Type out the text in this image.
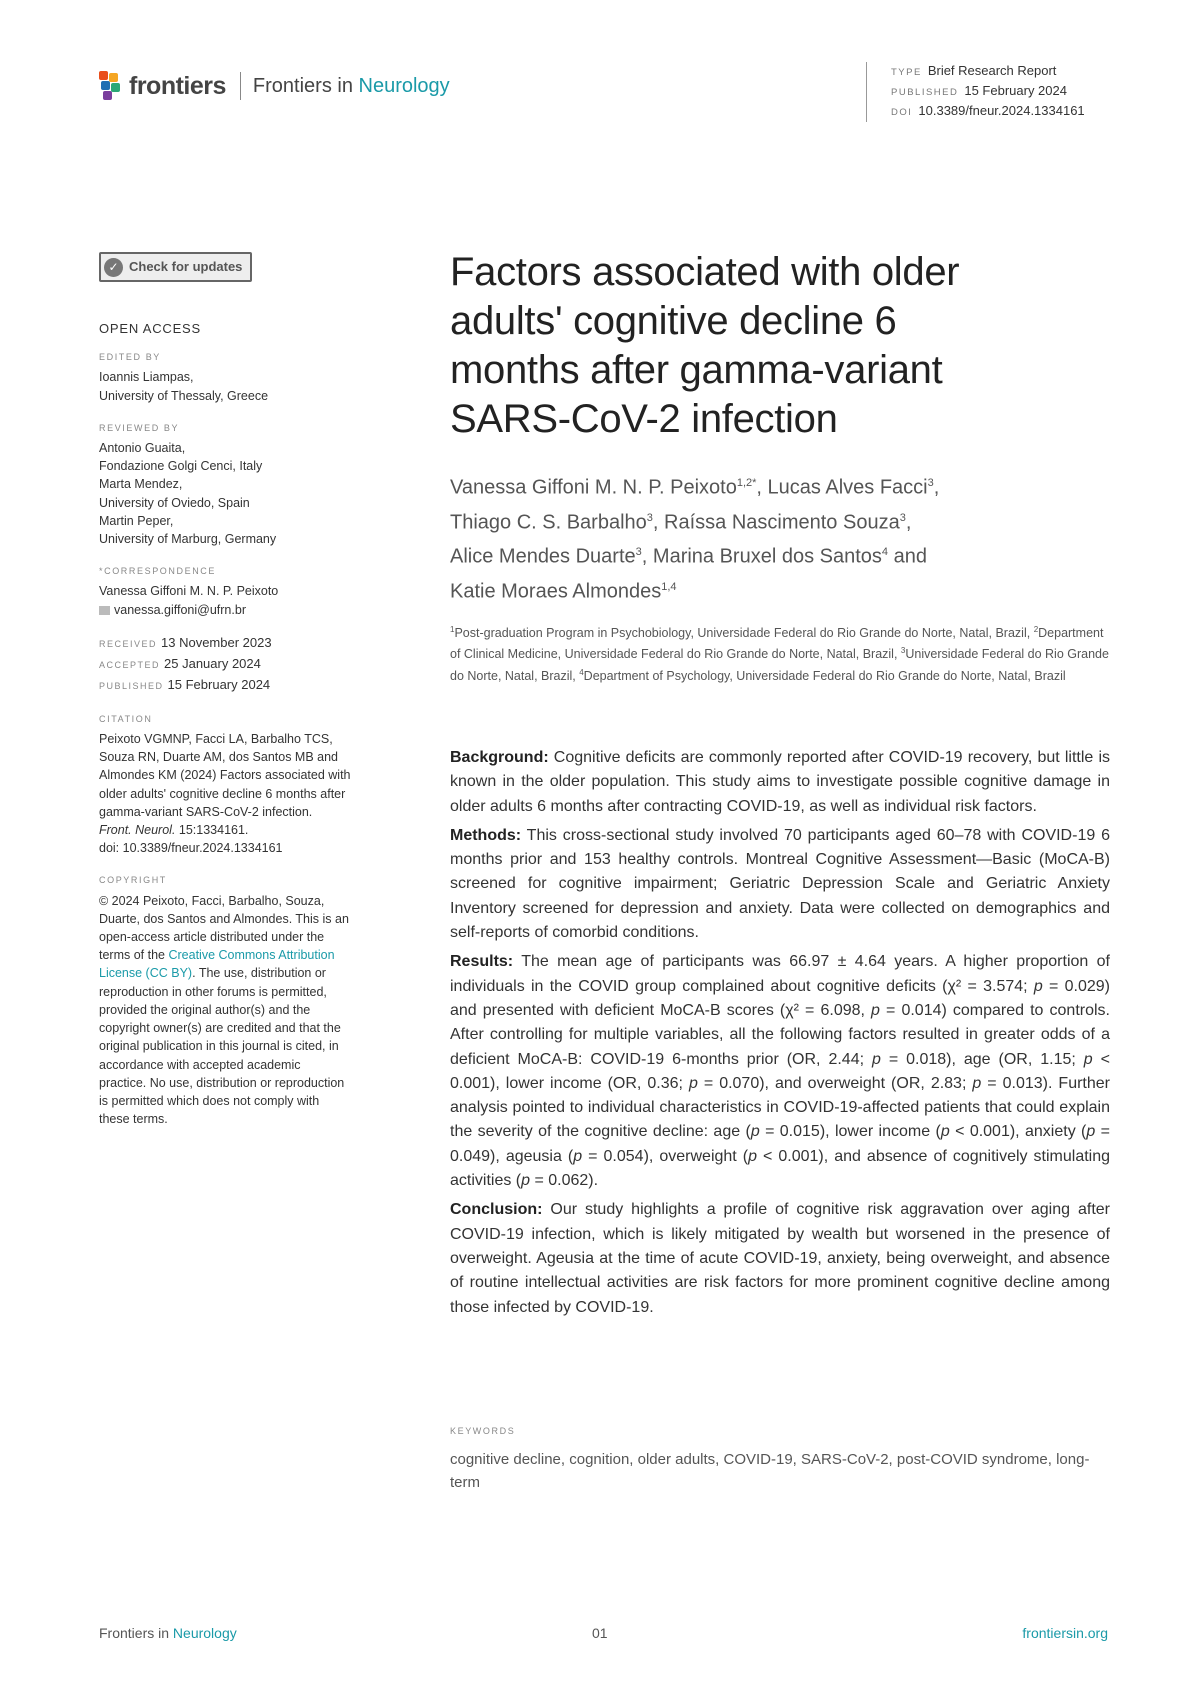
frontiers Frontiers in Neurology
TYPE Brief Research Report
PUBLISHED 15 February 2024
DOI 10.3389/fneur.2024.1334161
✓ Check for updates
OPEN ACCESS
EDITED BY
Ioannis Liampas,
University of Thessaly, Greece
REVIEWED BY
Antonio Guaita,
Fondazione Golgi Cenci, Italy
Marta Mendez,
University of Oviedo, Spain
Martin Peper,
University of Marburg, Germany
*CORRESPONDENCE
Vanessa Giffoni M. N. P. Peixoto
vanessa.giffoni@ufrn.br
RECEIVED 13 November 2023
ACCEPTED 25 January 2024
PUBLISHED 15 February 2024
CITATION
Peixoto VGMNP, Facci LA, Barbalho TCS,
Souza RN, Duarte AM, dos Santos MB and
Almondes KM (2024) Factors associated with
older adults' cognitive decline 6 months after
gamma-variant SARS-CoV-2 infection.
Front. Neurol. 15:1334161.
doi: 10.3389/fneur.2024.1334161
COPYRIGHT
© 2024 Peixoto, Facci, Barbalho, Souza,
Duarte, dos Santos and Almondes. This is an
open-access article distributed under the
terms of the Creative Commons Attribution
License (CC BY). The use, distribution or
reproduction in other forums is permitted,
provided the original author(s) and the
copyright owner(s) are credited and that the
original publication in this journal is cited, in
accordance with accepted academic
practice. No use, distribution or reproduction
is permitted which does not comply with
these terms.
Factors associated with older
adults' cognitive decline 6
months after gamma-variant
SARS-CoV-2 infection
Vanessa Giffoni M. N. P. Peixoto$^{1,2*}$, Lucas Alves Facci$^3$,
Thiago C. S. Barbalho$^3$, Raíssa Nascimento Souza$^3$,
Alice Mendes Duarte$^3$, Marina Bruxel dos Santos$^4$ and
Katie Moraes Almondes$^{1,4}$
$^1$Post-graduation Program in Psychobiology, Universidade Federal do Rio Grande do Norte, Natal, Brazil, $^2$Department of Clinical Medicine, Universidade Federal do Rio Grande do Norte, Natal, Brazil, $^3$Universidade Federal do Rio Grande do Norte, Natal, Brazil, $^4$Department of Psychology, Universidade Federal do Rio Grande do Norte, Natal, Brazil

Background: Cognitive deficits are commonly reported after COVID-19 recovery, but little is known in the older population. This study aims to investigate possible cognitive damage in older adults 6 months after contracting COVID-19, as well as individual risk factors.

Methods: This cross-sectional study involved 70 participants aged 60–78 with COVID-19 6 months prior and 153 healthy controls. Montreal Cognitive Assessment—Basic (MoCA-B) screened for cognitive impairment; Geriatric Depression Scale and Geriatric Anxiety Inventory screened for depression and anxiety. Data were collected on demographics and self-reports of comorbid conditions.

Results: The mean age of participants was 66.97 ± 4.64 years. A higher proportion of individuals in the COVID group complained about cognitive deficits (χ² = 3.574; p = 0.029) and presented with deficient MoCA-B scores (χ² = 6.098, p = 0.014) compared to controls. After controlling for multiple variables, all the following factors resulted in greater odds of a deficient MoCA-B: COVID-19 6-months prior (OR, 2.44; p = 0.018), age (OR, 1.15; p < 0.001), lower income (OR, 0.36; p = 0.070), and overweight (OR, 2.83; p = 0.013). Further analysis pointed to individual characteristics in COVID-19-affected patients that could explain the severity of the cognitive decline: age (p = 0.015), lower income (p < 0.001), anxiety (p = 0.049), ageusia (p = 0.054), overweight (p < 0.001), and absence of cognitively stimulating activities (p = 0.062).

Conclusion: Our study highlights a profile of cognitive risk aggravation over aging after COVID-19 infection, which is likely mitigated by wealth but worsened in the presence of overweight. Ageusia at the time of acute COVID-19, anxiety, being overweight, and absence of routine intellectual activities are risk factors for more prominent cognitive decline among those infected by COVID-19.

KEYWORDS
cognitive decline, cognition, older adults, COVID-19, SARS-CoV-2, post-COVID syndrome, long-term
Frontiers in Neurology	01	frontiersin.org
